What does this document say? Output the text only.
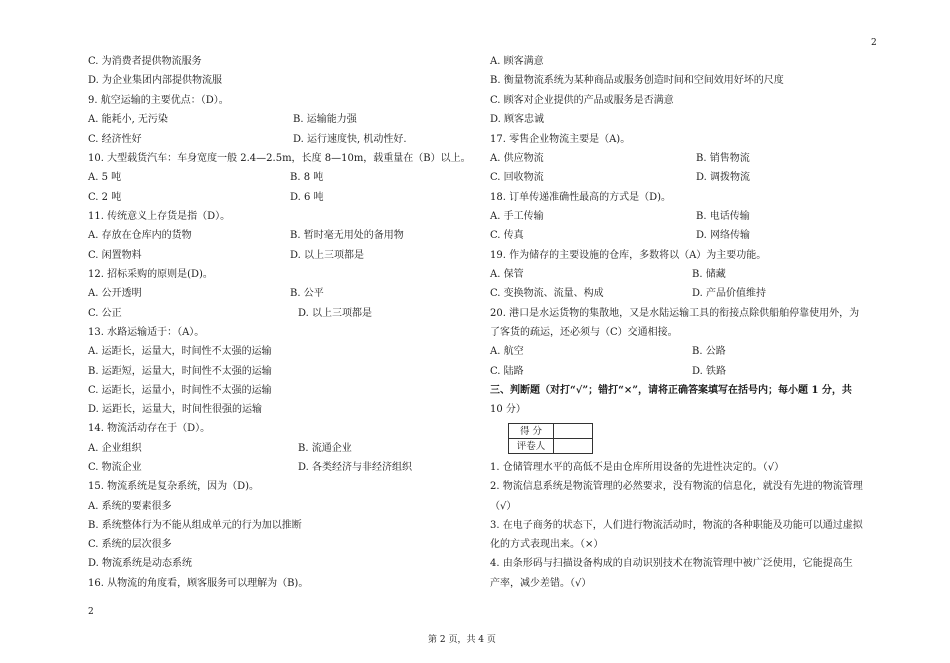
2
2
第 2 页，共 4 页
C. 为消费者提供物流服务
D. 为企业集团内部提供物流服
9. 航空运输的主要优点：（D）。
A. 能耗小, 无污染	B. 运输能力强
C. 经济性好	D. 运行速度快, 机动性好.
10. 大型载货汽车：车身宽度一般 2.4—2.5m，长度 8—10m，载重量在（B）以上。
A. 5 吨	B. 8 吨
C. 2 吨	D. 6 吨
11. 传统意义上存货是指（D）。
A. 存放在仓库内的货物	B. 暂时毫无用处的备用物
C. 闲置物料	D. 以上三项都是
12. 招标采购的原则是(D)。
A. 公开透明	B. 公平
C. 公正	D. 以上三项都是
13. 水路运输适于：（A）。
A. 运距长，运量大，时间性不太强的运输
B. 运距短，运量大，时间性不太强的运输
C. 运距长，运量小，时间性不太强的运输
D. 运距长，运量大，时间性很强的运输
14. 物流活动存在于（D）。
A. 企业组织	B. 流通企业
C. 物流企业	D. 各类经济与非经济组织
15. 物流系统是复杂系统，因为（D)。
A. 系统的要素很多
B. 系统整体行为不能从组成单元的行为加以推断
C. 系统的层次很多
D. 物流系统是动态系统
16. 从物流的角度看，顾客服务可以理解为（B)。
A. 顾客满意
B. 衡量物流系统为某种商品或服务创造时间和空间效用好坏的尺度
C. 顾客对企业提供的产品或服务是否满意
D. 顾客忠诚
17. 零售企业物流主要是（A)。
A. 供应物流	B. 销售物流
C. 回收物流	D. 调拨物流
18. 订单传递准确性最高的方式是（D)。
A. 手工传输	B. 电话传输
C. 传真	D. 网络传输
19. 作为储存的主要设施的仓库，多数将以（A）为主要功能。
A. 保管	B. 储藏
C. 变换物流、流量、构成	D. 产品价值维持
20. 港口是水运货物的集散地，又是水陆运输工具的衔接点除供船舶停靠使用外，为
了客货的疏运，还必须与（C）交通相接。
A. 航空	B. 公路
C. 陆路	D. 铁路
三、判断题（对打“√”；错打“×”，请将正确答案填写在括号内；每小题 1 分，共
10 分）
得 分	
评卷人	
1. 仓储管理水平的高低不是由仓库所用设备的先进性决定的。（√）
2. 物流信息系统是物流管理的必然要求，没有物流的信息化，就没有先进的物流管理
（√）
3. 在电子商务的状态下，人们进行物流活动时，物流的各种职能及功能可以通过虚拟
化的方式表现出来。（×）
4. 由条形码与扫描设备构成的自动识别技术在物流管理中被广泛使用，它能提高生
产率，减少差错。（√）
